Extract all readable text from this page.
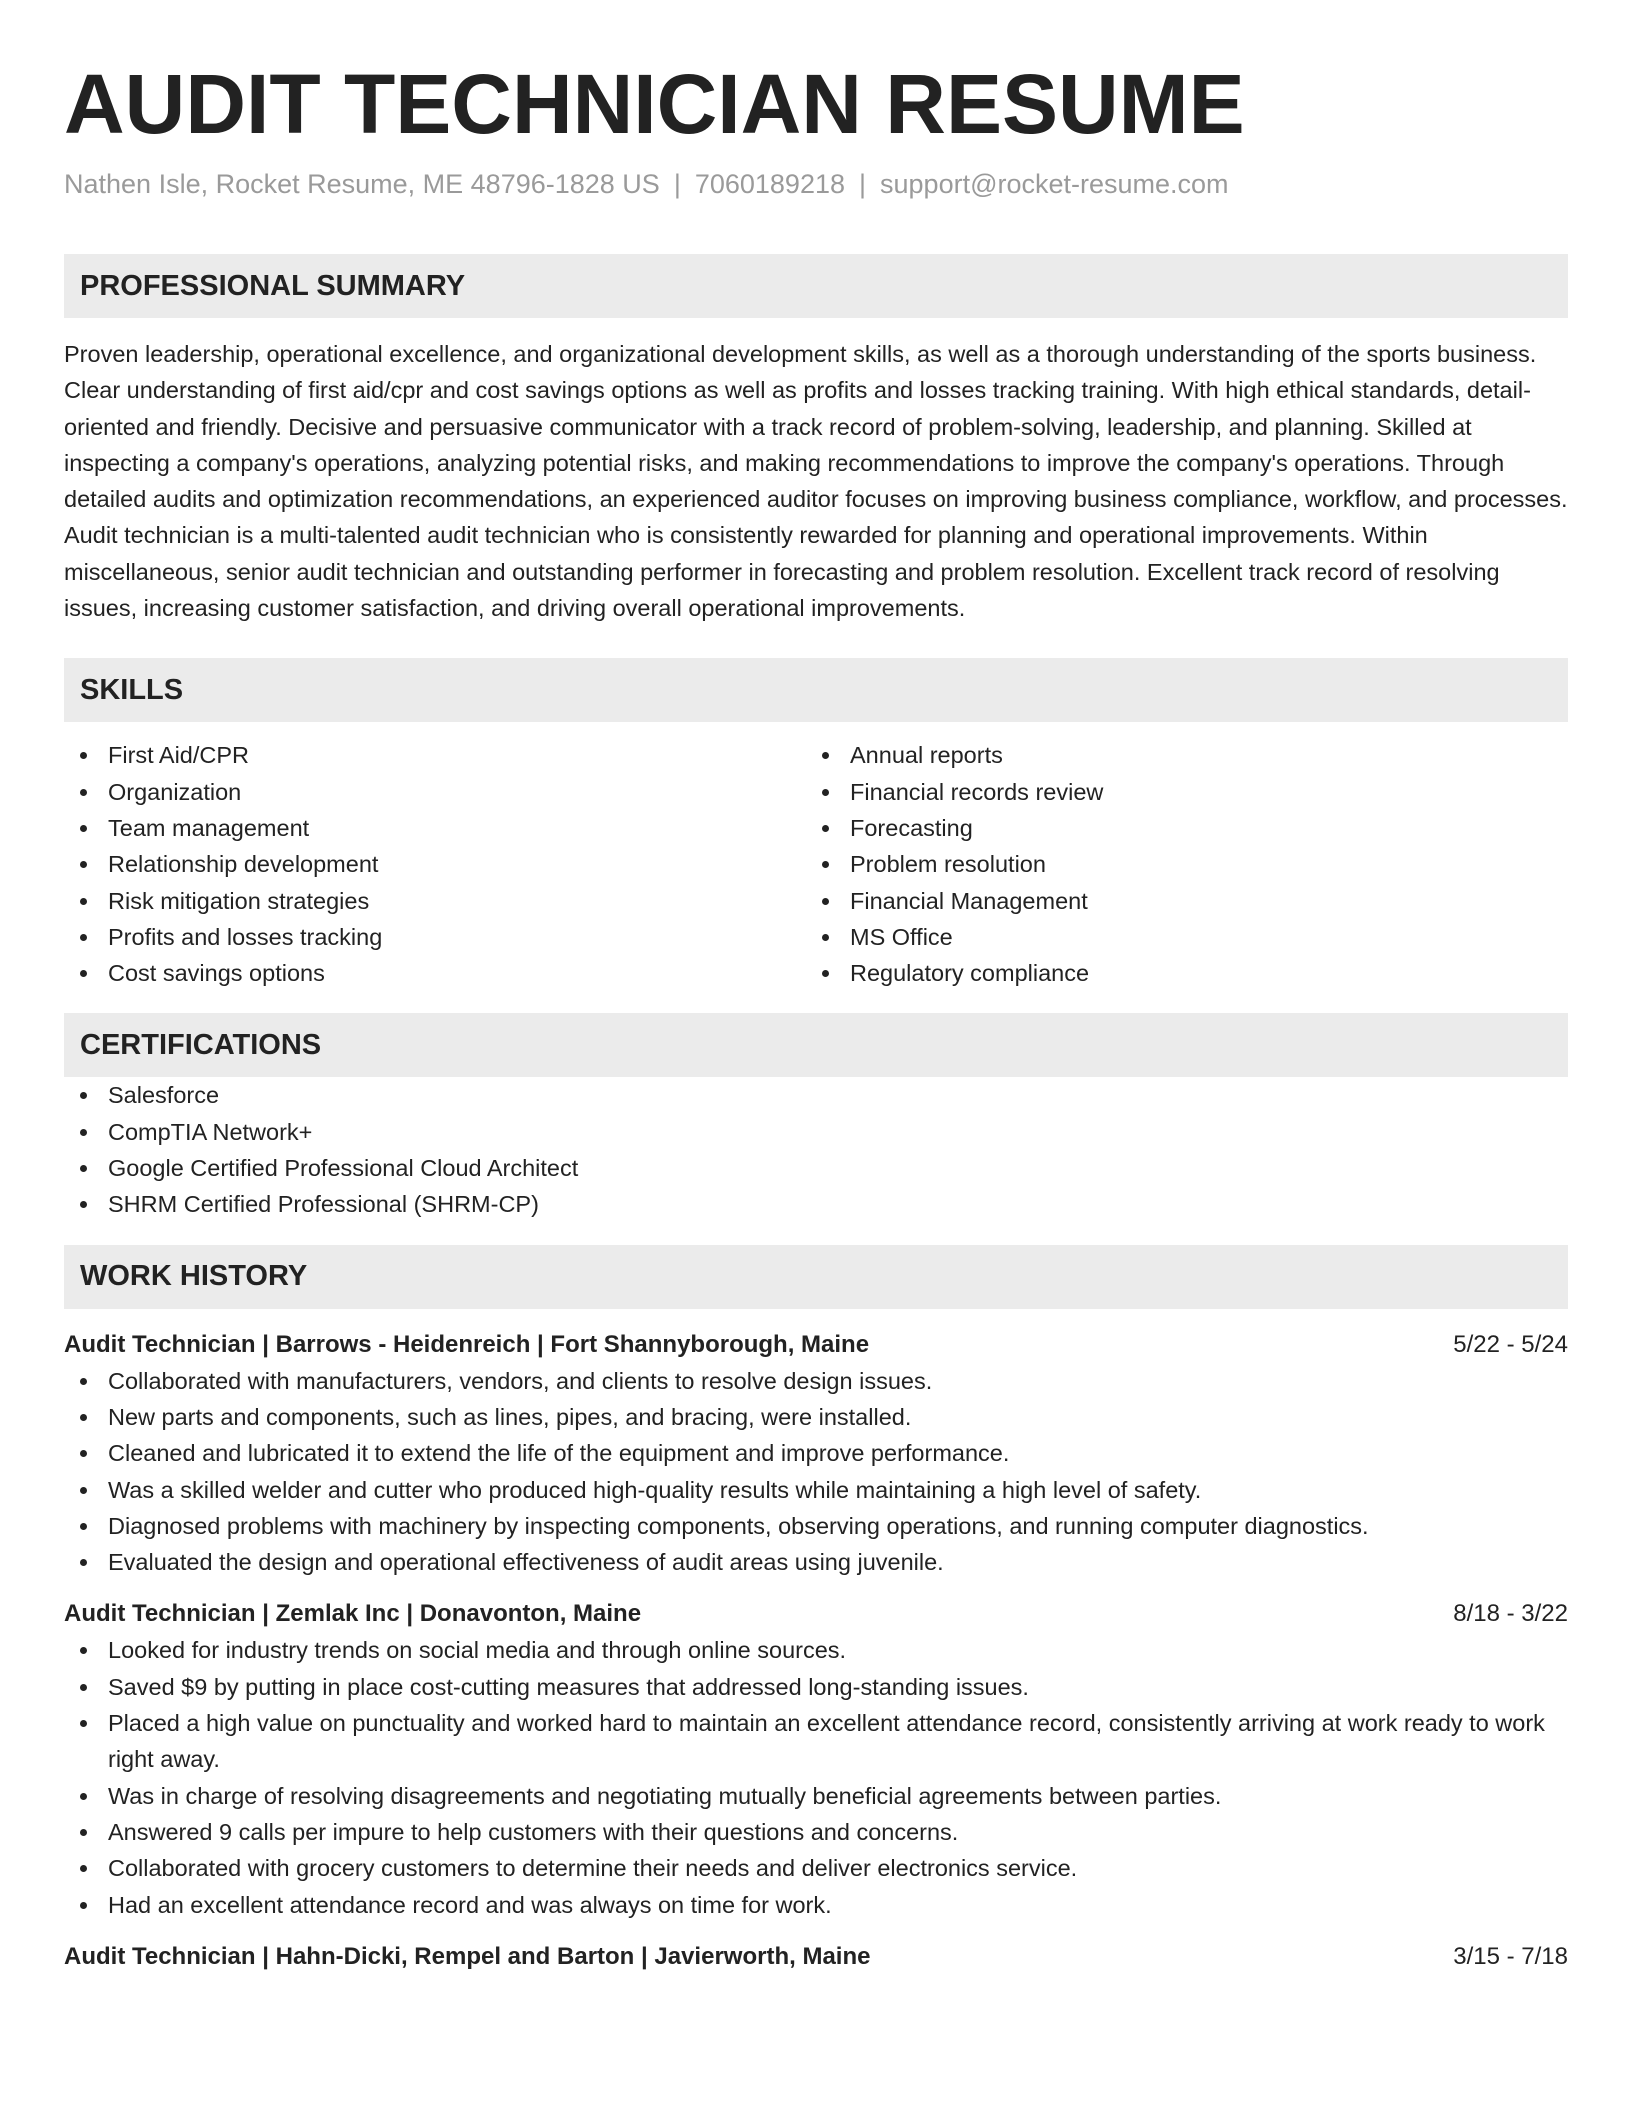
AUDIT TECHNICIAN RESUME
Nathen Isle, Rocket Resume, ME 48796-1828 US | 7060189218 | support@rocket-resume.com
PROFESSIONAL SUMMARY

Proven leadership, operational excellence, and organizational development skills, as well as a thorough understanding of the sports business. Clear understanding of first aid/cpr and cost savings options as well as profits and losses tracking training. With high ethical standards, detail-oriented and friendly. Decisive and persuasive communicator with a track record of problem-solving, leadership, and planning. Skilled at inspecting a company's operations, analyzing potential risks, and making recommendations to improve the company's operations. Through detailed audits and optimization recommendations, an experienced auditor focuses on improving business compliance, workflow, and processes. Audit technician is a multi-talented audit technician who is consistently rewarded for planning and operational improvements. Within miscellaneous, senior audit technician and outstanding performer in forecasting and problem resolution. Excellent track record of resolving issues, increasing customer satisfaction, and driving overall operational improvements.

SKILLS
First Aid/CPR
Organization
Team management
Relationship development
Risk mitigation strategies
Profits and losses tracking
Cost savings options
Annual reports
Financial records review
Forecasting
Problem resolution
Financial Management
MS Office
Regulatory compliance
CERTIFICATIONS
Salesforce
CompTIA Network+
Google Certified Professional Cloud Architect
SHRM Certified Professional (SHRM-CP)
WORK HISTORY
Audit Technician | Barrows - Heidenreich | Fort Shannyborough, Maine	5/22 - 5/24
Collaborated with manufacturers, vendors, and clients to resolve design issues.
New parts and components, such as lines, pipes, and bracing, were installed.
Cleaned and lubricated it to extend the life of the equipment and improve performance.
Was a skilled welder and cutter who produced high-quality results while maintaining a high level of safety.
Diagnosed problems with machinery by inspecting components, observing operations, and running computer diagnostics.
Evaluated the design and operational effectiveness of audit areas using juvenile.
Audit Technician | Zemlak Inc | Donavonton, Maine	8/18 - 3/22
Looked for industry trends on social media and through online sources.
Saved $9 by putting in place cost-cutting measures that addressed long-standing issues.
Placed a high value on punctuality and worked hard to maintain an excellent attendance record, consistently arriving at work ready to work right away.
Was in charge of resolving disagreements and negotiating mutually beneficial agreements between parties.
Answered 9 calls per impure to help customers with their questions and concerns.
Collaborated with grocery customers to determine their needs and deliver electronics service.
Had an excellent attendance record and was always on time for work.
Audit Technician | Hahn-Dicki, Rempel and Barton | Javierworth, Maine	3/15 - 7/18
